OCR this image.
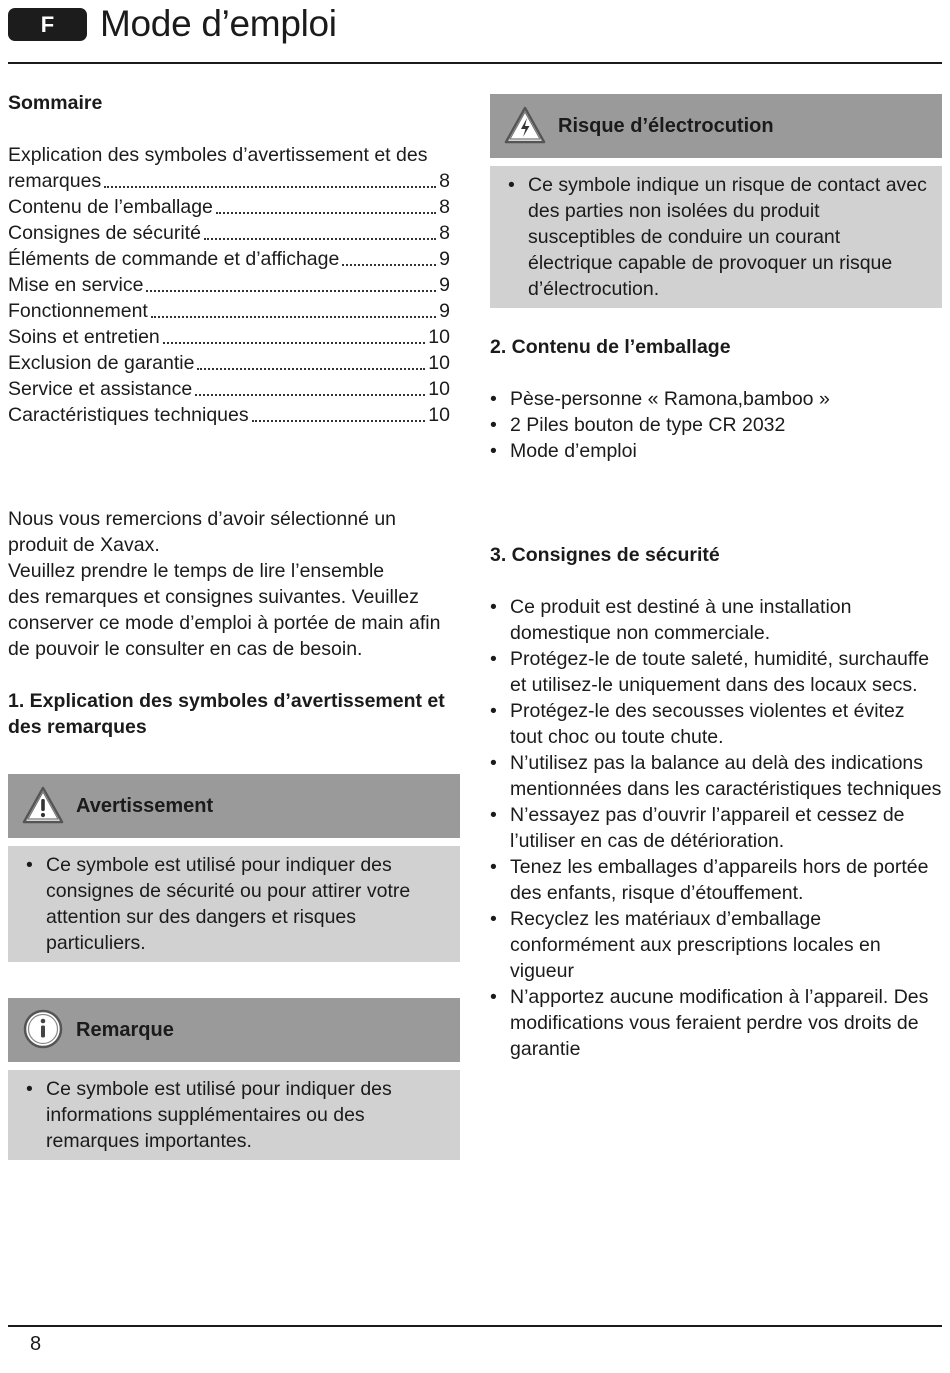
F	Mode d’emploi
Sommaire
Explication des symboles d’avertissement et des
remarques	8
Contenu de l’emballage	8
Consignes de sécurité	8
Éléments de commande et d’affichage	9
Mise en service	9
Fonctionnement	9
Soins et entretien	10
Exclusion de garantie	10
Service et assistance	10
Caractéristiques techniques	10

Nous vous remercions d’avoir sélectionné un

produit de Xavax.

Veuillez prendre le temps de lire l’ensemble

des remarques et consignes suivantes. Veuillez

conserver ce mode d’emploi à portée de main afin

de pouvoir le consulter en cas de besoin.

1. Explication des symboles d’avertissement et des remarques
Avertissement
• Ce symbole est utilisé pour indiquer des consignes de sécurité ou pour attirer votre attention sur des dangers et risques particuliers.
Remarque
• Ce symbole est utilisé pour indiquer des informations supplémentaires ou des remarques importantes.
Risque d’électrocution
• Ce symbole indique un risque de contact avec des parties non isolées du produit susceptibles de conduire un courant électrique capable de provoquer un risque d’électrocution.
2. Contenu de l’emballage
• Pèse-personne « Ramona,bamboo »
• 2 Piles bouton de type CR 2032
• Mode d’emploi
3. Consignes de sécurité
• Ce produit est destiné à une installation domestique non commerciale.
• Protégez-le de toute saleté, humidité, surchauffe et utilisez-le uniquement dans des locaux secs.
• Protégez-le des secousses violentes et évitez tout choc ou toute chute.
• N’utilisez pas la balance au delà des indications mentionnées dans les caractéristiques techniques
• N’essayez pas d’ouvrir l’appareil et cessez de l’utiliser en cas de détérioration.
• Tenez les emballages d’appareils hors de portée des enfants, risque d’étouffement.
• Recyclez les matériaux d’emballage conformément aux prescriptions locales en vigueur
• N’apportez aucune modification à l’appareil. Des modifications vous feraient perdre vos droits de garantie
8
